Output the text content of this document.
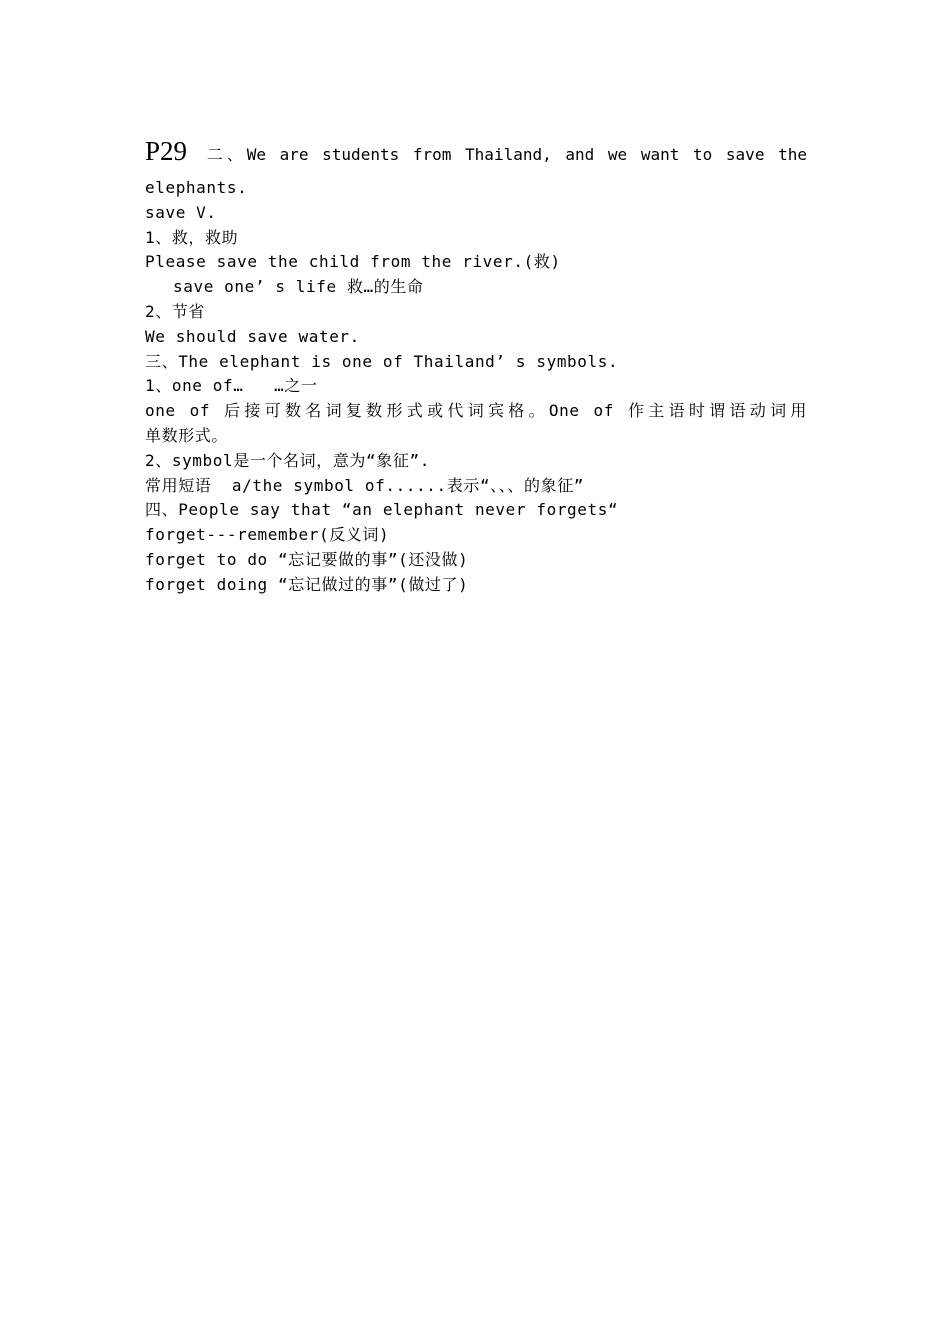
P29 二、We are students from Thailand, and we want to save the
elephants.
save V.
1、救，救助
Please save the child from the river.(救)
save one’ s life 救…的生命
2、节省
We should save water.
三、The elephant is one of Thailand’ s symbols.
1、one of…   …之一
one of 后接可数名词复数形式或代词宾格。One of 作主语时谓语动词用
单数形式。
2、symbol是一个名词，意为“象征”.
常用短语  a/the symbol of......表示“、、、的象征”
四、People say that “an elephant never forgets“
forget---remember(反义词)
forget to do “忘记要做的事”(还没做)
forget doing “忘记做过的事”(做过了)
